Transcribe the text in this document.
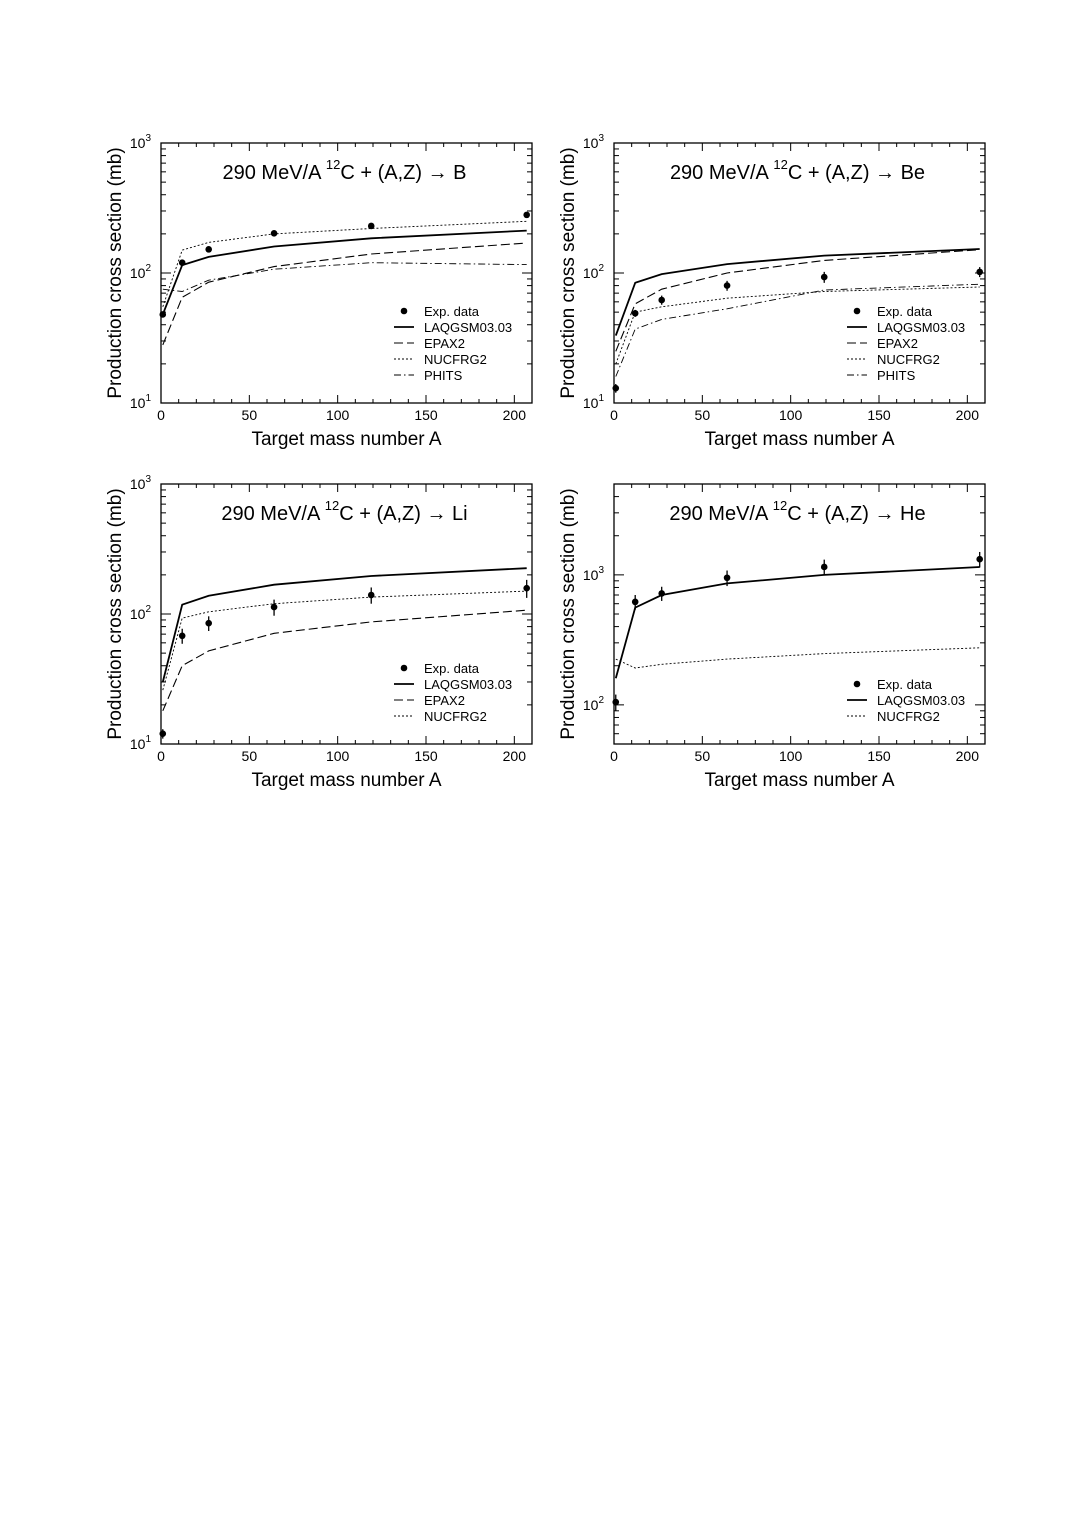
0	50	100	150	200
$10^1$
$10^2$
$10^3$
Target mass number A
Production cross section (mb)	290 MeV/A $^{12}$C + (A,Z) → B
Exp. data
LAQGSM03.03
EPAX2
NUCFRG2
PHITS
0	50	100	150	200
$10^1$
$10^2$
$10^3$
Target mass number A
Production cross section (mb)	290 MeV/A $^{12}$C + (A,Z) → Be
Exp. data
LAQGSM03.03
EPAX2
NUCFRG2
PHITS
0	50	100	150	200
$10^1$
$10^2$
$10^3$
Target mass number A
Production cross section (mb)	290 MeV/A $^{12}$C + (A,Z) → Li
Exp. data
LAQGSM03.03
EPAX2
NUCFRG2
0	50	100	150	200
$10^2$
$10^3$
Target mass number A
Production cross section (mb)	290 MeV/A $^{12}$C + (A,Z) → He
Exp. data
LAQGSM03.03
NUCFRG2
